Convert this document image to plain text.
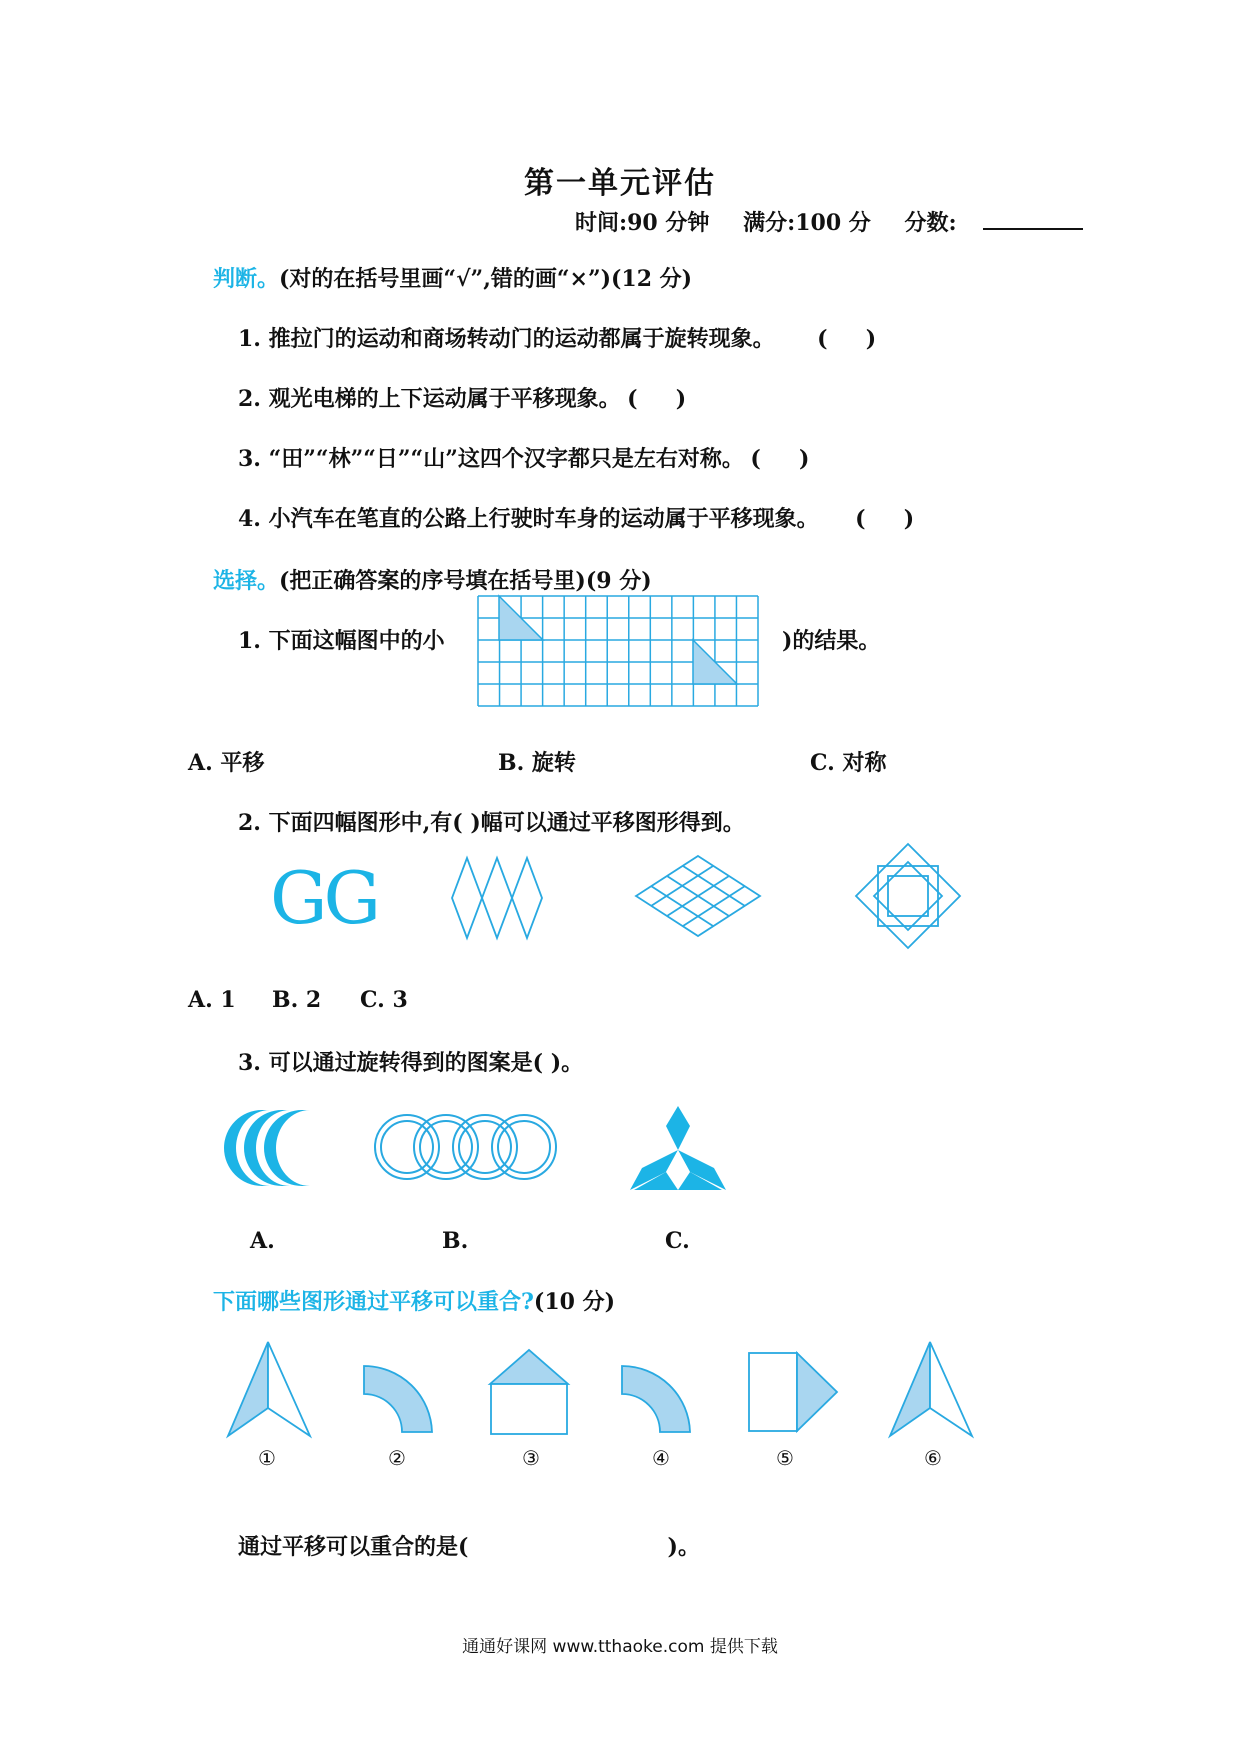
第一单元评估
时间:90 分钟 满分:100 分 分数:
判断。(对的在括号里画“√”,错的画“×”)(12 分)
1. 推拉门的运动和商场转动门的运动都属于旋转现象。 (     )
2. 观光电梯的上下运动属于平移现象。 (     )
3. “田”“林”“日”“山”这四个汉字都只是左右对称。 (     )
4. 小汽车在笔直的公路上行驶时车身的运动属于平移现象。 (     )
选择。(把正确答案的序号填在括号里)(9 分)
1. 下面这幅图中的小	)的结果。
A. 平移	B. 旋转	C. 对称
2. 下面四幅图形中,有( )幅可以通过平移图形得到。
GG
A. 1 B. 2 C. 3
3. 可以通过旋转得到的图案是( )。
A.	B.	C.
下面哪些图形通过平移可以重合?(10 分)
①	②	③	④	⑤	⑥
通过平移可以重合的是(                          )。
通通好课网 www.tthaoke.com 提供下载
